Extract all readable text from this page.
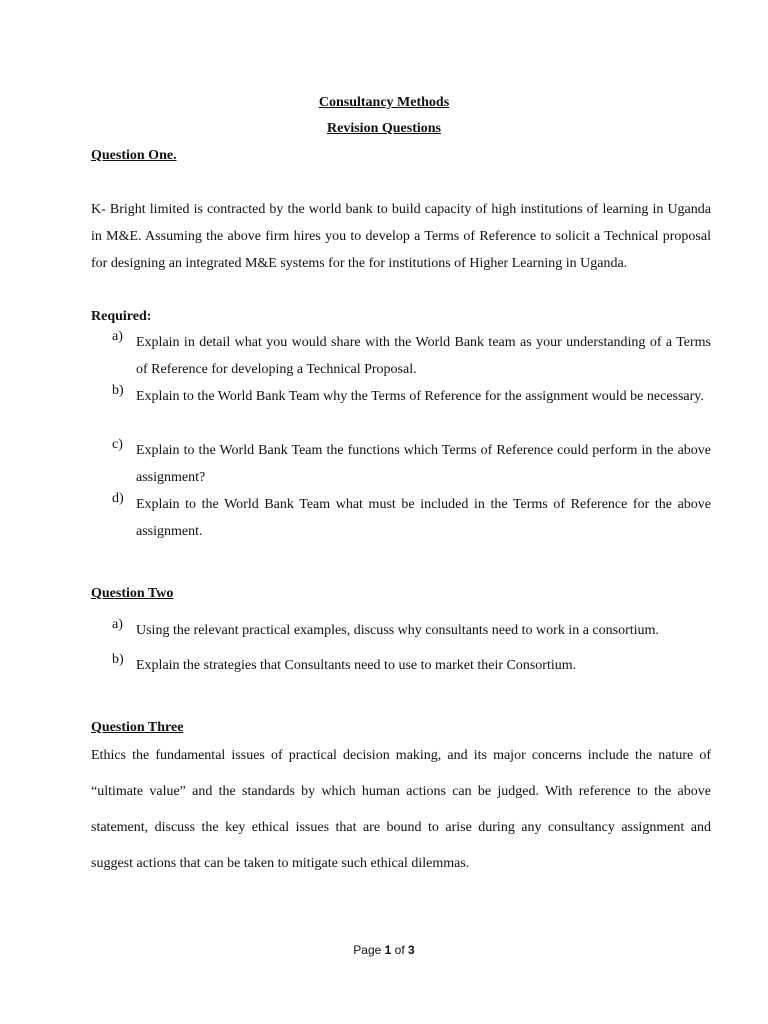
Consultancy Methods
Revision Questions
Question One.

K- Bright limited is contracted by the world bank to build capacity of high institutions of learning in Uganda in M&E. Assuming the above firm hires you to develop a Terms of Reference to solicit a Technical proposal for designing an integrated M&E systems for the for institutions of Higher Learning in Uganda.

Required:
a) Explain in detail what you would share with the World Bank team as your understanding of a Terms of Reference for developing a Technical Proposal.

b) Explain to the World Bank Team why the Terms of Reference for the assignment would be necessary.

c) Explain to the World Bank Team the functions which Terms of Reference could perform in the above assignment?

d) Explain to the World Bank Team what must be included in the Terms of Reference for the above assignment.

Question Two
a) Using the relevant practical examples, discuss why consultants need to work in a consortium.

b) Explain the strategies that Consultants need to use to market their Consortium.

Question Three

Ethics the fundamental issues of practical decision making, and its major concerns include the nature of “ultimate value” and the standards by which human actions can be judged. With reference to the above statement, discuss the key ethical issues that are bound to arise during any consultancy assignment and suggest actions that can be taken to mitigate such ethical dilemmas.

Page 1 of 3
